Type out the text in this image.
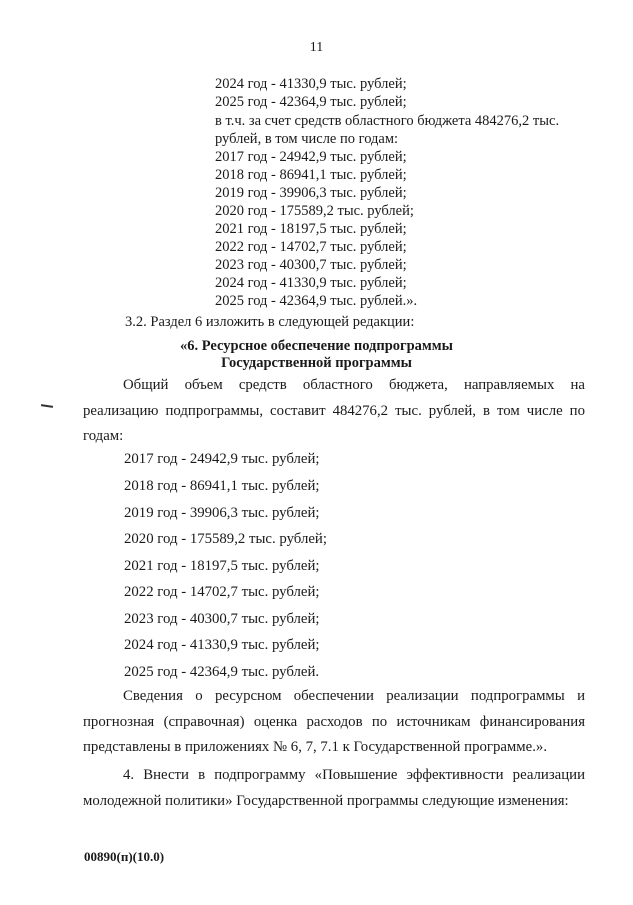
11
2024 год - 41330,9 тыс. рублей;
2025 год - 42364,9 тыс. рублей;
в т.ч. за счет средств областного бюджета 484276,2 тыс.
рублей, в том числе по годам:
2017 год - 24942,9 тыс. рублей;
2018 год - 86941,1 тыс. рублей;
2019 год - 39906,3 тыс. рублей;
2020 год - 175589,2 тыс. рублей;
2021 год - 18197,5 тыс. рублей;
2022 год - 14702,7 тыс. рублей;
2023 год - 40300,7 тыс. рублей;
2024 год - 41330,9 тыс. рублей;
2025 год - 42364,9 тыс. рублей.».
3.2. Раздел 6 изложить в следующей редакции:
«6. Ресурсное обеспечение подпрограммы
Государственной программы
Общий объем средств областного бюджета, направляемых на реализацию подпрограммы, составит 484276,2 тыс. рублей, в том числе по годам:
2017 год - 24942,9 тыс. рублей;
2018 год - 86941,1 тыс. рублей;
2019 год - 39906,3 тыс. рублей;
2020 год - 175589,2 тыс. рублей;
2021 год - 18197,5 тыс. рублей;
2022 год - 14702,7 тыс. рублей;
2023 год - 40300,7 тыс. рублей;
2024 год - 41330,9 тыс. рублей;
2025 год - 42364,9 тыс. рублей.
Сведения о ресурсном обеспечении реализации подпрограммы и прогнозная (справочная) оценка расходов по источникам финансирования представлены в приложениях № 6, 7, 7.1 к Государственной программе.».
4. Внести в подпрограмму «Повышение эффективности реализации молодежной политики» Государственной программы следующие изменения:
00890(п)(10.0)
